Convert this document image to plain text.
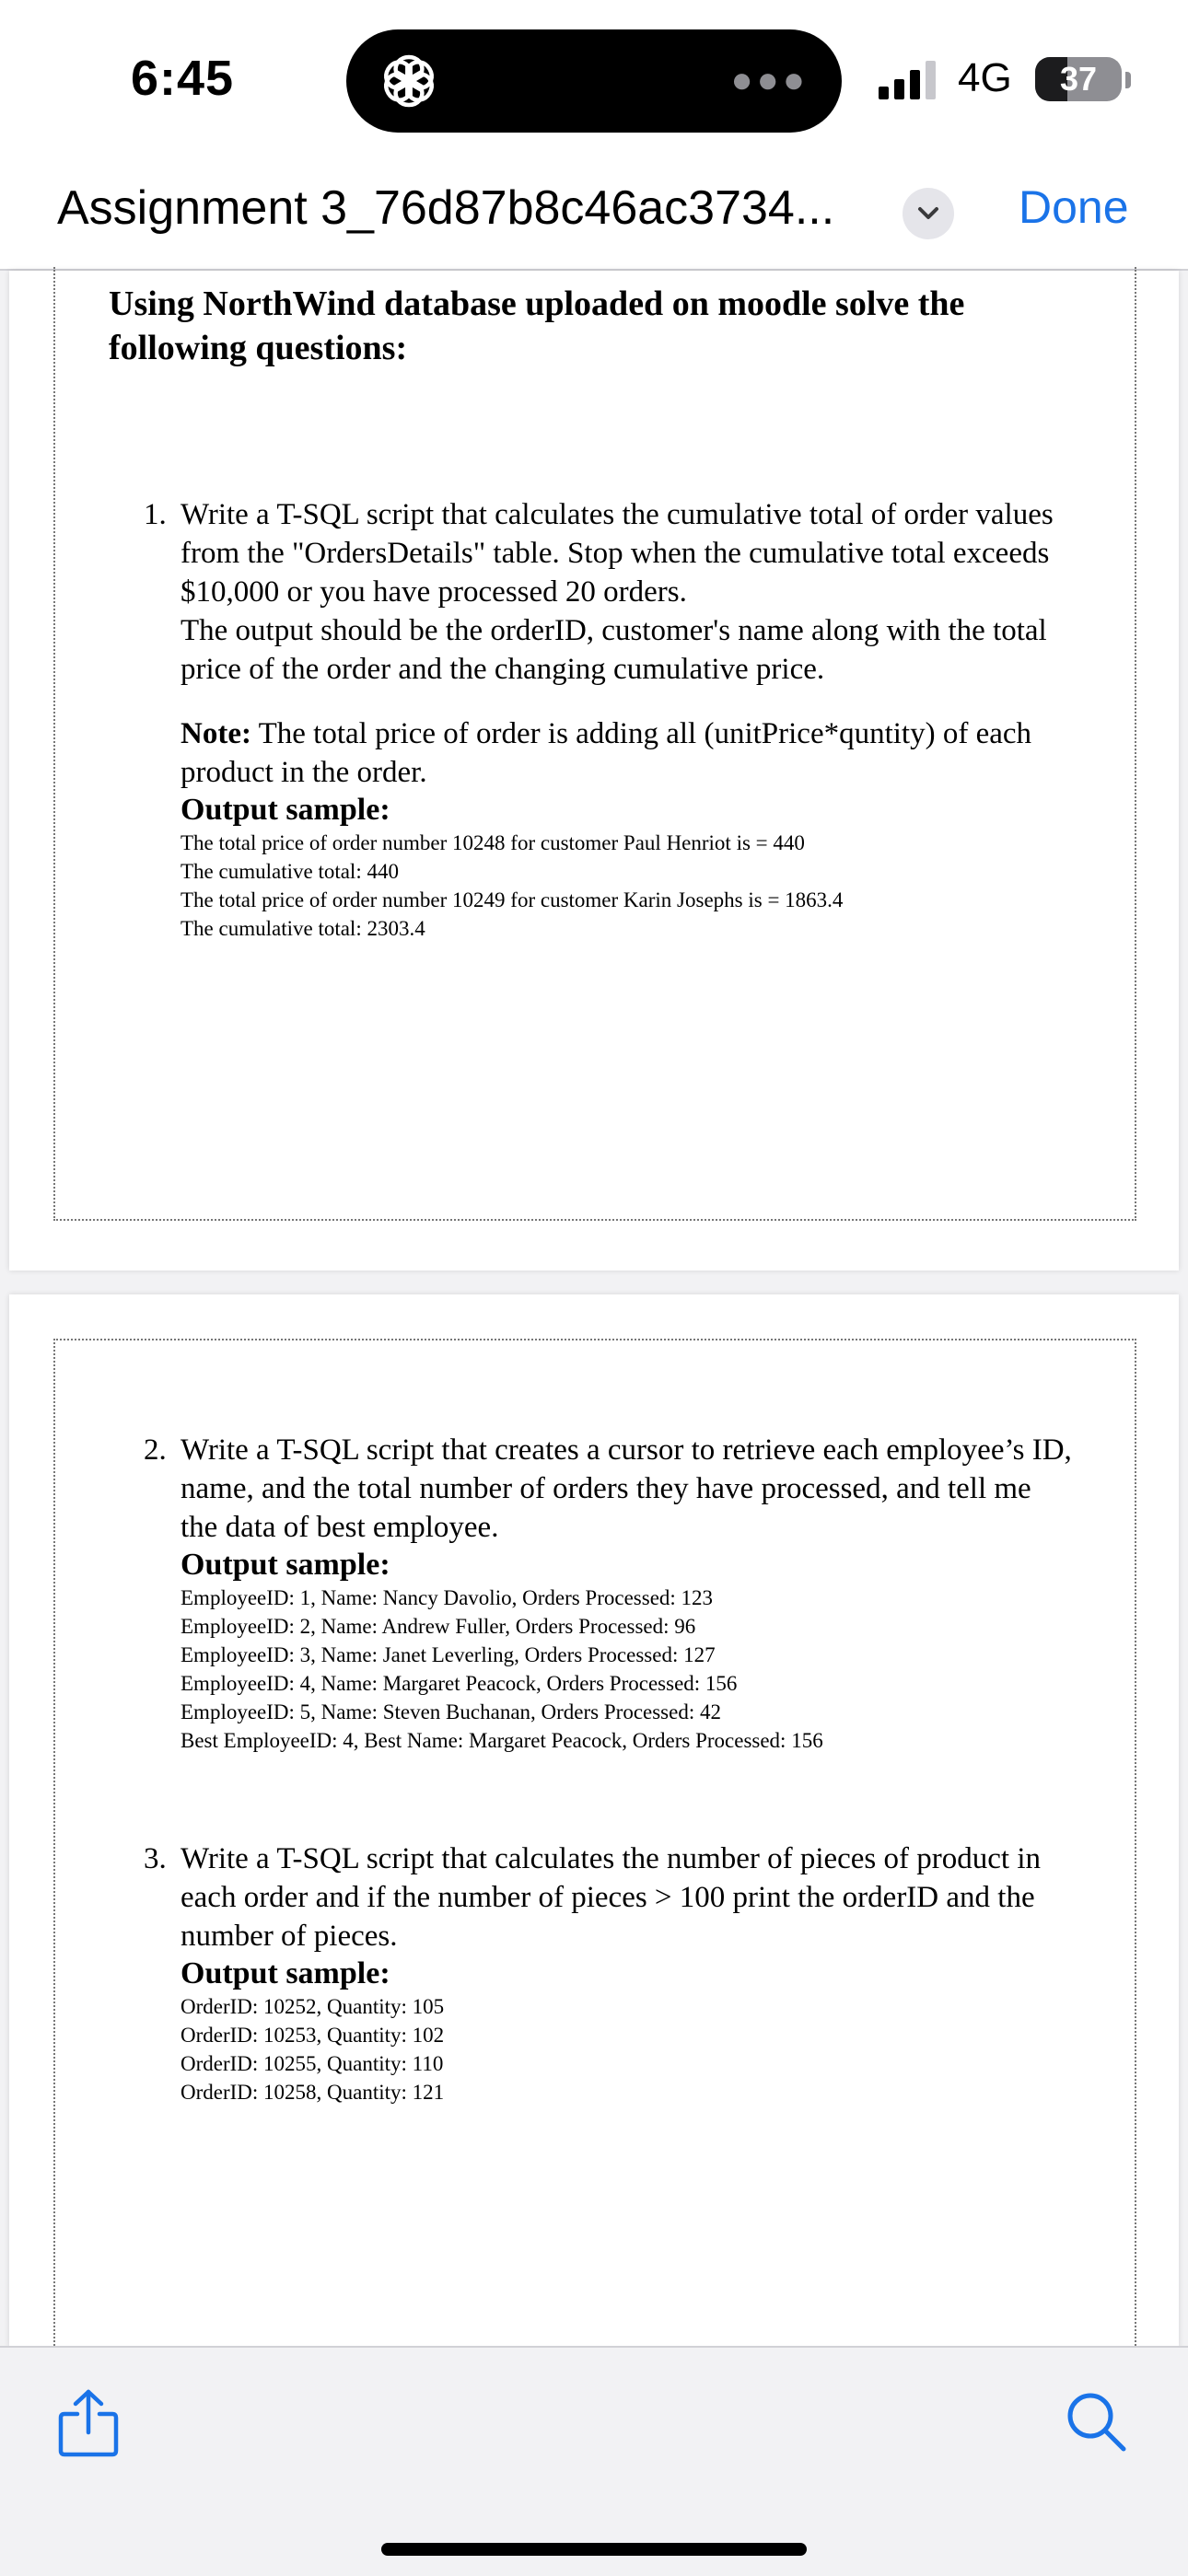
6:45	●●●	4G	37
Assignment 3_76d87b8c46ac3734...	Done
Using NorthWind database uploaded on moodle solve the following questions:
1. Write a T-SQL script that calculates the cumulative total of order values from the "OrdersDetails" table. Stop when the cumulative total exceeds $10,000 or you have processed 20 orders.
The output should be the orderID, customer's name along with the total price of the order and the changing cumulative price.
Note: The total price of order is adding all (unitPrice*quntity) of each product in the order.
Output sample:
The total price of order number 10248 for customer Paul Henriot is = 440
The cumulative total: 440
The total price of order number 10249 for customer Karin Josephs is = 1863.4
The cumulative total: 2303.4
2. Write a T-SQL script that creates a cursor to retrieve each employee’s ID, name, and the total number of orders they have processed, and tell me the data of best employee.
Output sample:
EmployeeID: 1, Name: Nancy Davolio, Orders Processed: 123
EmployeeID: 2, Name: Andrew Fuller, Orders Processed: 96
EmployeeID: 3, Name: Janet Leverling, Orders Processed: 127
EmployeeID: 4, Name: Margaret Peacock, Orders Processed: 156
EmployeeID: 5, Name: Steven Buchanan, Orders Processed: 42
Best EmployeeID: 4, Best Name: Margaret Peacock, Orders Processed: 156
3. Write a T-SQL script that calculates the number of pieces of product in each order and if the number of pieces > 100 print the orderID and the number of pieces.
Output sample:
OrderID: 10252, Quantity: 105
OrderID: 10253, Quantity: 102
OrderID: 10255, Quantity: 110
OrderID: 10258, Quantity: 121
